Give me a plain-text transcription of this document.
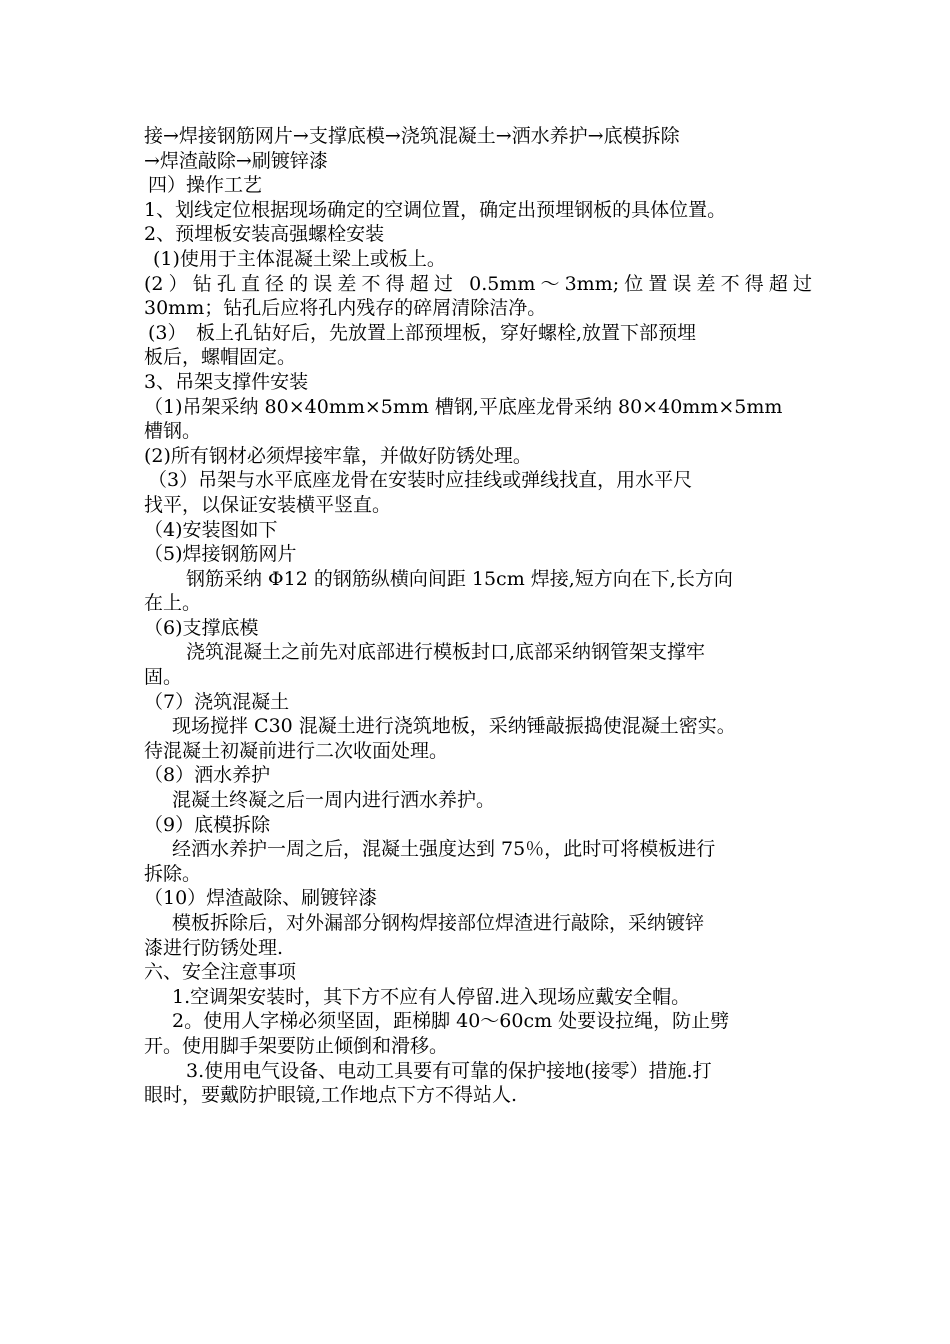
接→焊接钢筋网片→支撑底模→浇筑混凝土→洒水养护→底模拆除
→焊渣敲除→刷镀锌漆
四）操作工艺
1、划线定位根据现场确定的空调位置，确定出预埋钢板的具体位置。
2、预埋板安装高强螺栓安装
(1)使用于主体混凝土梁上或板上。
(2）钻孔直径的误差不得超过 0.5mm～3mm;位置误差不得超过
30mm；钻孔后应将孔内残存的碎屑清除洁净。
(3）　板上孔钻好后，先放置上部预埋板，穿好螺栓,放置下部预埋
板后，螺帽固定。
3、吊架支撑件安装
（1)吊架采纳 80×40mm×5mm 槽钢,平底座龙骨采纳 80×40mm×5mm
槽钢。
(2)所有钢材必须焊接牢靠，并做好防锈处理。
（3）吊架与水平底座龙骨在安装时应挂线或弹线找直，用水平尺
找平，以保证安装横平竖直。
（4)安装图如下
（5)焊接钢筋网片
钢筋采纳 Φ12 的钢筋纵横向间距 15cm 焊接,短方向在下,长方向
在上。
（6)支撑底模
浇筑混凝土之前先对底部进行模板封口,底部采纳钢管架支撑牢
固。
（7）浇筑混凝土
现场搅拌 C30 混凝土进行浇筑地板，采纳锤敲振捣使混凝土密实。
待混凝土初凝前进行二次收面处理。
（8）洒水养护
混凝土终凝之后一周内进行洒水养护。
（9）底模拆除
经洒水养护一周之后，混凝土强度达到 75％，此时可将模板进行
拆除。
（10）焊渣敲除、刷镀锌漆
模板拆除后，对外漏部分钢构焊接部位焊渣进行敲除，采纳镀锌
漆进行防锈处理.
六、安全注意事项
1.空调架安装时，其下方不应有人停留.进入现场应戴安全帽。
2。使用人字梯必须坚固，距梯脚 40～60cm 处要设拉绳，防止劈
开。使用脚手架要防止倾倒和滑移。
3.使用电气设备、电动工具要有可靠的保护接地(接零）措施.打
眼时，要戴防护眼镜,工作地点下方不得站人.
